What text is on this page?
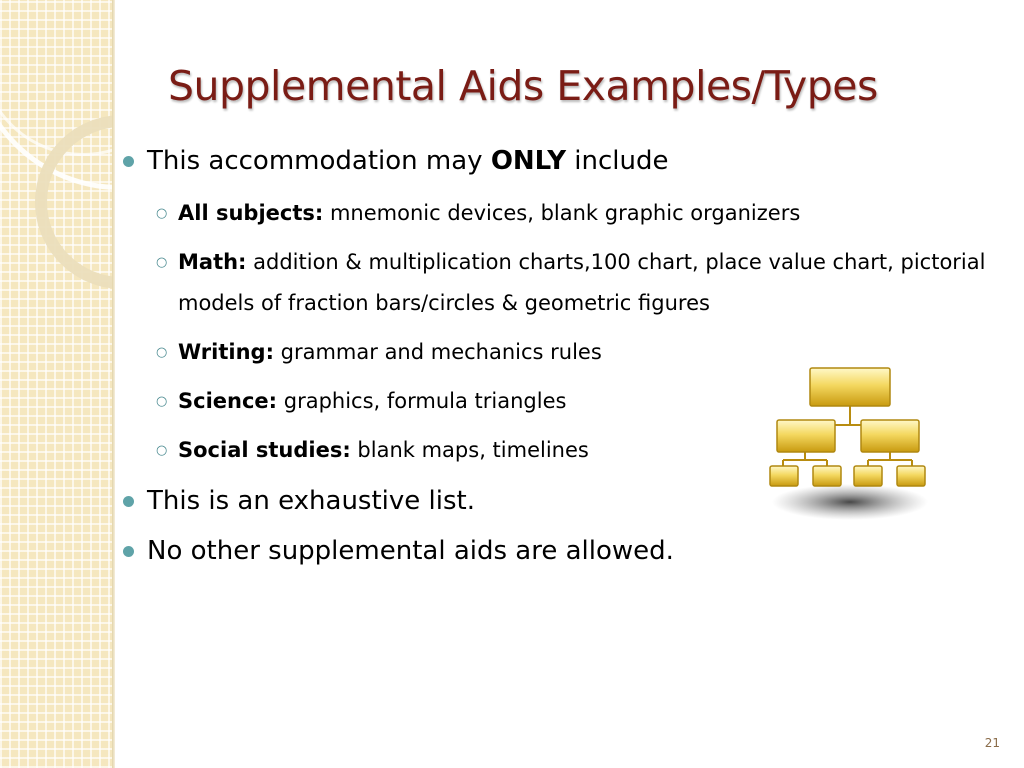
Supplemental Aids Examples/Types
This accommodation may ONLY include
○ All subjects: mnemonic devices, blank graphic organizers
○ Math: addition & multiplication charts,100 chart, place value chart, pictorial models of fraction bars/circles & geometric figures
○ Writing: grammar and mechanics rules
○ Science: graphics, formula triangles
○ Social studies: blank maps, timelines
This is an exhaustive list.
No other supplemental aids are allowed.
21
